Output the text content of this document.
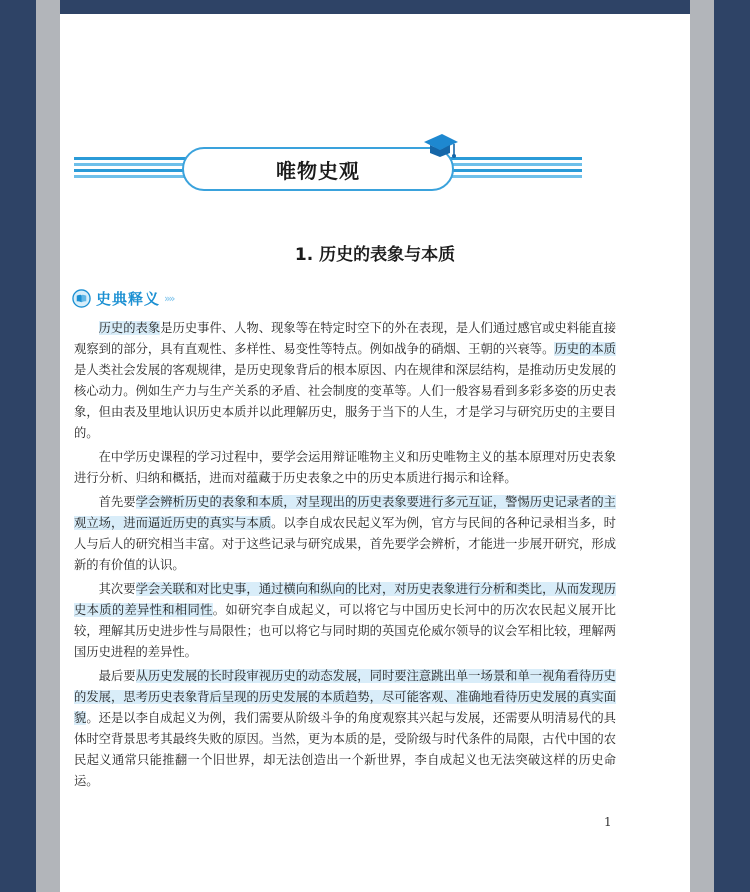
唯物史观
1. 历史的表象与本质
史典释义 »»

历史的表象是历史事件、人物、现象等在特定时空下的外在表现，是人们通过感官或史料能直接观察到的部分，具有直观性、多样性、易变性等特点。例如战争的硝烟、王朝的兴衰等。历史的本质是人类社会发展的客观规律，是历史现象背后的根本原因、内在规律和深层结构，是推动历史发展的核心动力。例如生产力与生产关系的矛盾、社会制度的变革等。人们一般容易看到多彩多姿的历史表象，但由表及里地认识历史本质并以此理解历史，服务于当下的人生，才是学习与研究历史的主要目的。

在中学历史课程的学习过程中，要学会运用辩证唯物主义和历史唯物主义的基本原理对历史表象进行分析、归纳和概括，进而对蕴藏于历史表象之中的历史本质进行揭示和诠释。

首先要学会辨析历史的表象和本质，对呈现出的历史表象要进行多元互证，警惕历史记录者的主观立场，进而逼近历史的真实与本质。以李自成农民起义军为例，官方与民间的各种记录相当多，时人与后人的研究相当丰富。对于这些记录与研究成果，首先要学会辨析，才能进一步展开研究，形成新的有价值的认识。

其次要学会关联和对比史事，通过横向和纵向的比对，对历史表象进行分析和类比，从而发现历史本质的差异性和相同性。如研究李自成起义，可以将它与中国历史长河中的历次农民起义展开比较，理解其历史进步性与局限性；也可以将它与同时期的英国克伦威尔领导的议会军相比较，理解两国历史进程的差异性。

最后要从历史发展的长时段审视历史的动态发展，同时要注意跳出单一场景和单一视角看待历史的发展，思考历史表象背后呈现的历史发展的本质趋势，尽可能客观、准确地看待历史发展的真实面貌。还是以李自成起义为例，我们需要从阶级斗争的角度观察其兴起与发展，还需要从明清易代的具体时空背景思考其最终失败的原因。当然，更为本质的是，受阶级与时代条件的局限，古代中国的农民起义通常只能推翻一个旧世界，却无法创造出一个新世界，李自成起义也无法突破这样的历史命运。

1
